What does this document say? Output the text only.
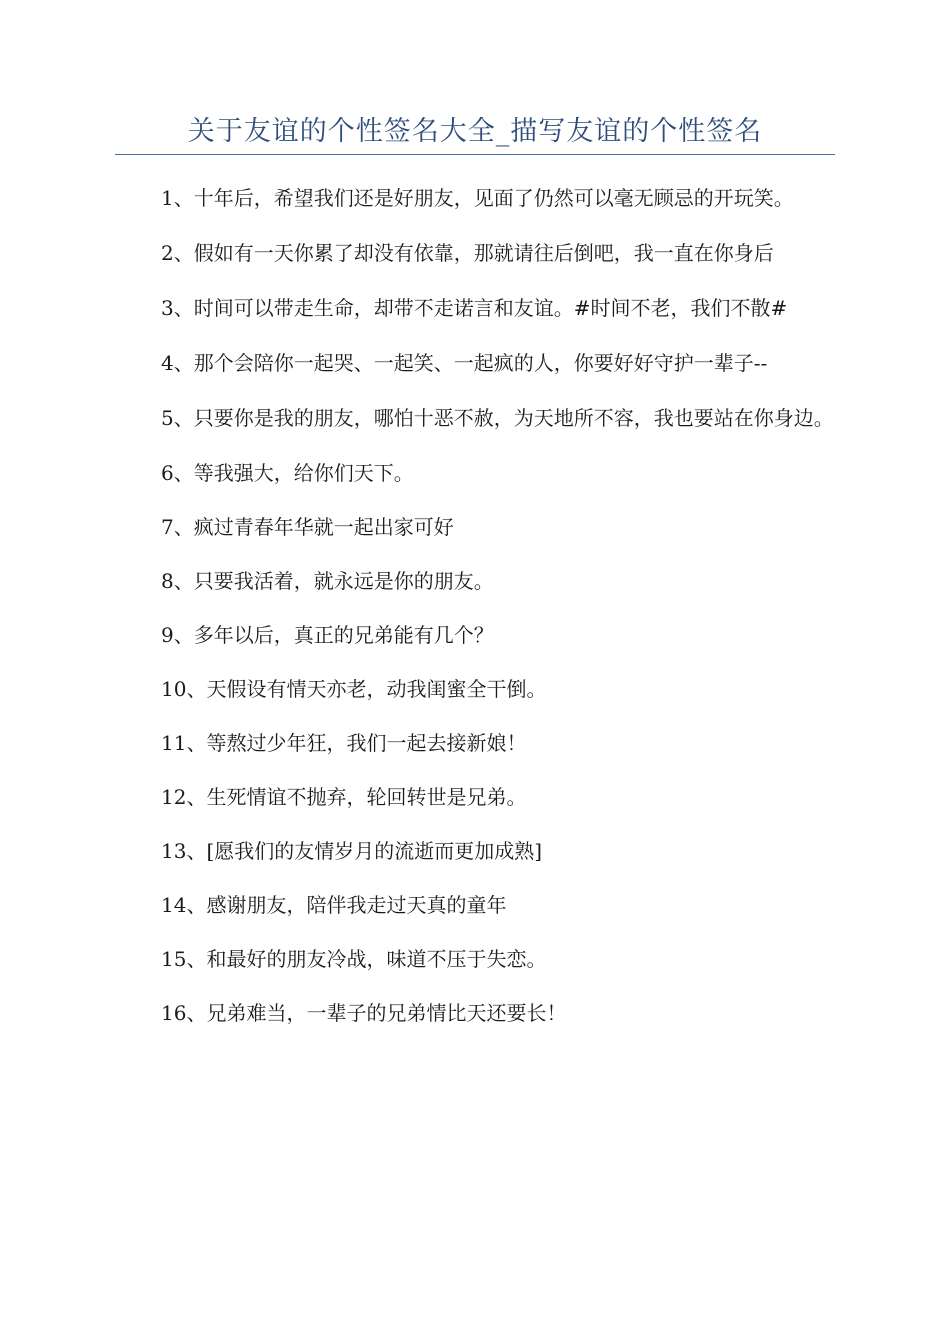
关于友谊的个性签名大全_描写友谊的个性签名

1、十年后，希望我们还是好朋友，见面了仍然可以毫无顾忌的开玩笑。

2、假如有一天你累了却没有依靠，那就请往后倒吧，我一直在你身后

3、时间可以带走生命，却带不走诺言和友谊。#时间不老，我们不散#

4、那个会陪你一起哭、一起笑、一起疯的人，你要好好守护一辈子--

5、只要你是我的朋友，哪怕十恶不赦，为天地所不容，我也要站在你身边。

6、等我强大，给你们天下。

7、疯过青春年华就一起出家可好

8、只要我活着，就永远是你的朋友。

9、多年以后，真正的兄弟能有几个？

10、天假设有情天亦老，动我闺蜜全干倒。

11、等熬过少年狂，我们一起去接新娘！

12、生死情谊不抛弃，轮回转世是兄弟。

13、[愿我们的友情岁月的流逝而更加成熟]

14、感谢朋友，陪伴我走过天真的童年

15、和最好的朋友冷战，味道不压于失恋。

16、兄弟难当，一辈子的兄弟情比天还要长！
